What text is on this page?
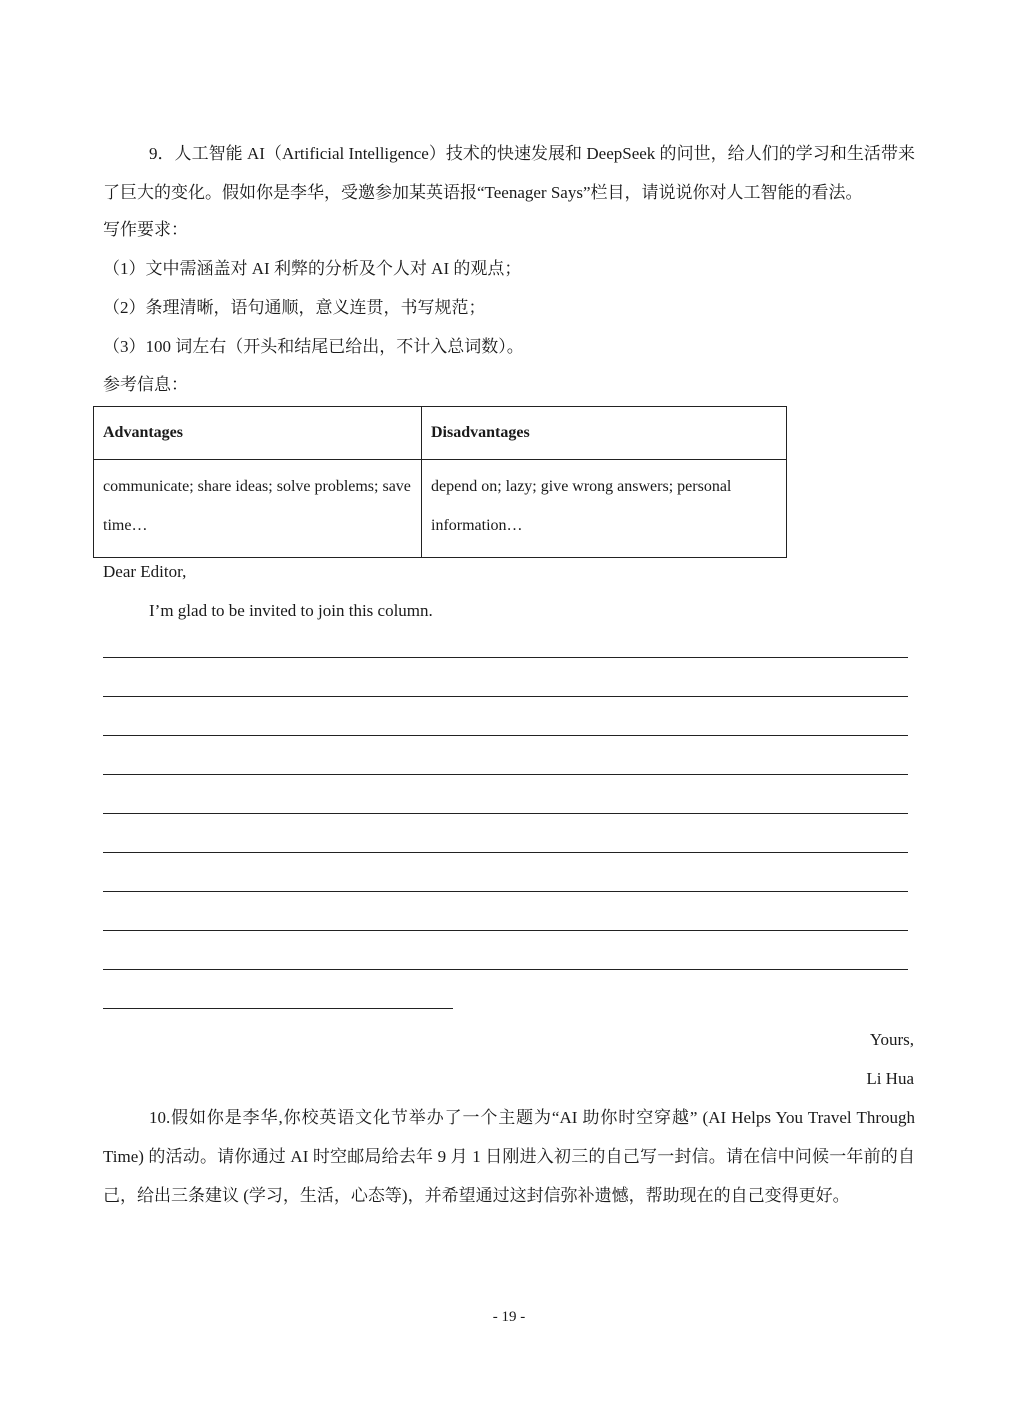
9．人工智能 AI（Artificial Intelligence）技术的快速发展和 DeepSeek 的问世，给人们的学习和生活带来了巨大的变化。假如你是李华，受邀参加某英语报“Teenager Says”栏目，请说说你对人工智能的看法。
写作要求：
（1）文中需涵盖对 AI 利弊的分析及个人对 AI 的观点；
（2）条理清晰，语句通顺，意义连贯，书写规范；
（3）100 词左右（开头和结尾已给出，不计入总词数）。
参考信息：
Advantages	Disadvantages
communicate; share ideas; solve problems; save time…	depend on; lazy; give wrong answers; personal information…
Dear Editor,
I’m glad to be invited to join this column.
Yours,
Li Hua
10.假如你是李华,你校英语文化节举办了一个主题为“AI 助你时空穿越” (AI Helps You Travel Through Time) 的活动。请你通过 AI 时空邮局给去年 9 月 1 日刚进入初三的自己写一封信。请在信中问候一年前的自己，给出三条建议 (学习，生活，心态等)，并希望通过这封信弥补遗憾，帮助现在的自己变得更好。
- 19 -
